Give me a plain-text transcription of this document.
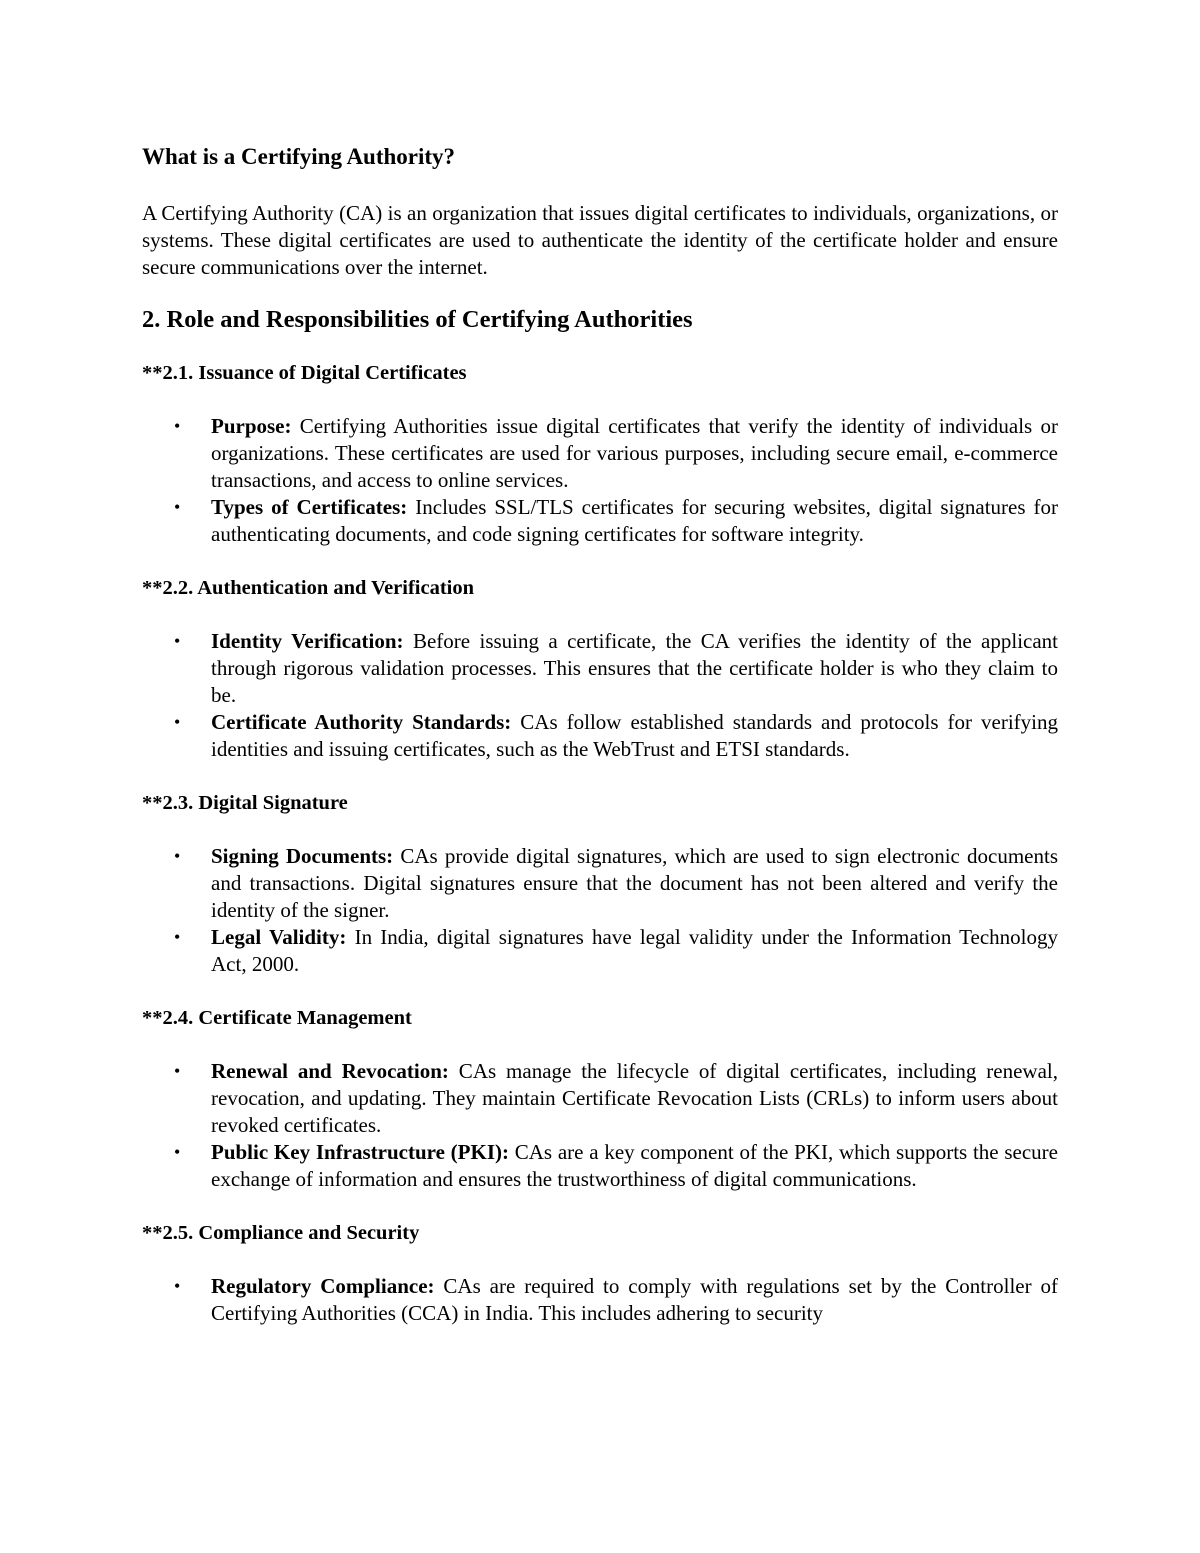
What is a Certifying Authority?

A Certifying Authority (CA) is an organization that issues digital certificates to individuals, organizations, or systems. These digital certificates are used to authenticate the identity of the certificate holder and ensure secure communications over the internet.

2. Role and Responsibilities of Certifying Authorities
**2.1. Issuance of Digital Certificates
• Purpose: Certifying Authorities issue digital certificates that verify the identity of individuals or organizations. These certificates are used for various purposes, including secure email, e-commerce transactions, and access to online services.
• Types of Certificates: Includes SSL/TLS certificates for securing websites, digital signatures for authenticating documents, and code signing certificates for software integrity.
**2.2. Authentication and Verification
• Identity Verification: Before issuing a certificate, the CA verifies the identity of the applicant through rigorous validation processes. This ensures that the certificate holder is who they claim to be.
• Certificate Authority Standards: CAs follow established standards and protocols for verifying identities and issuing certificates, such as the WebTrust and ETSI standards.
**2.3. Digital Signature
• Signing Documents: CAs provide digital signatures, which are used to sign electronic documents and transactions. Digital signatures ensure that the document has not been altered and verify the identity of the signer.
• Legal Validity: In India, digital signatures have legal validity under the Information Technology Act, 2000.
**2.4. Certificate Management
• Renewal and Revocation: CAs manage the lifecycle of digital certificates, including renewal, revocation, and updating. They maintain Certificate Revocation Lists (CRLs) to inform users about revoked certificates.
• Public Key Infrastructure (PKI): CAs are a key component of the PKI, which supports the secure exchange of information and ensures the trustworthiness of digital communications.
**2.5. Compliance and Security
• Regulatory Compliance: CAs are required to comply with regulations set by the Controller of Certifying Authorities (CCA) in India. This includes adhering to security
